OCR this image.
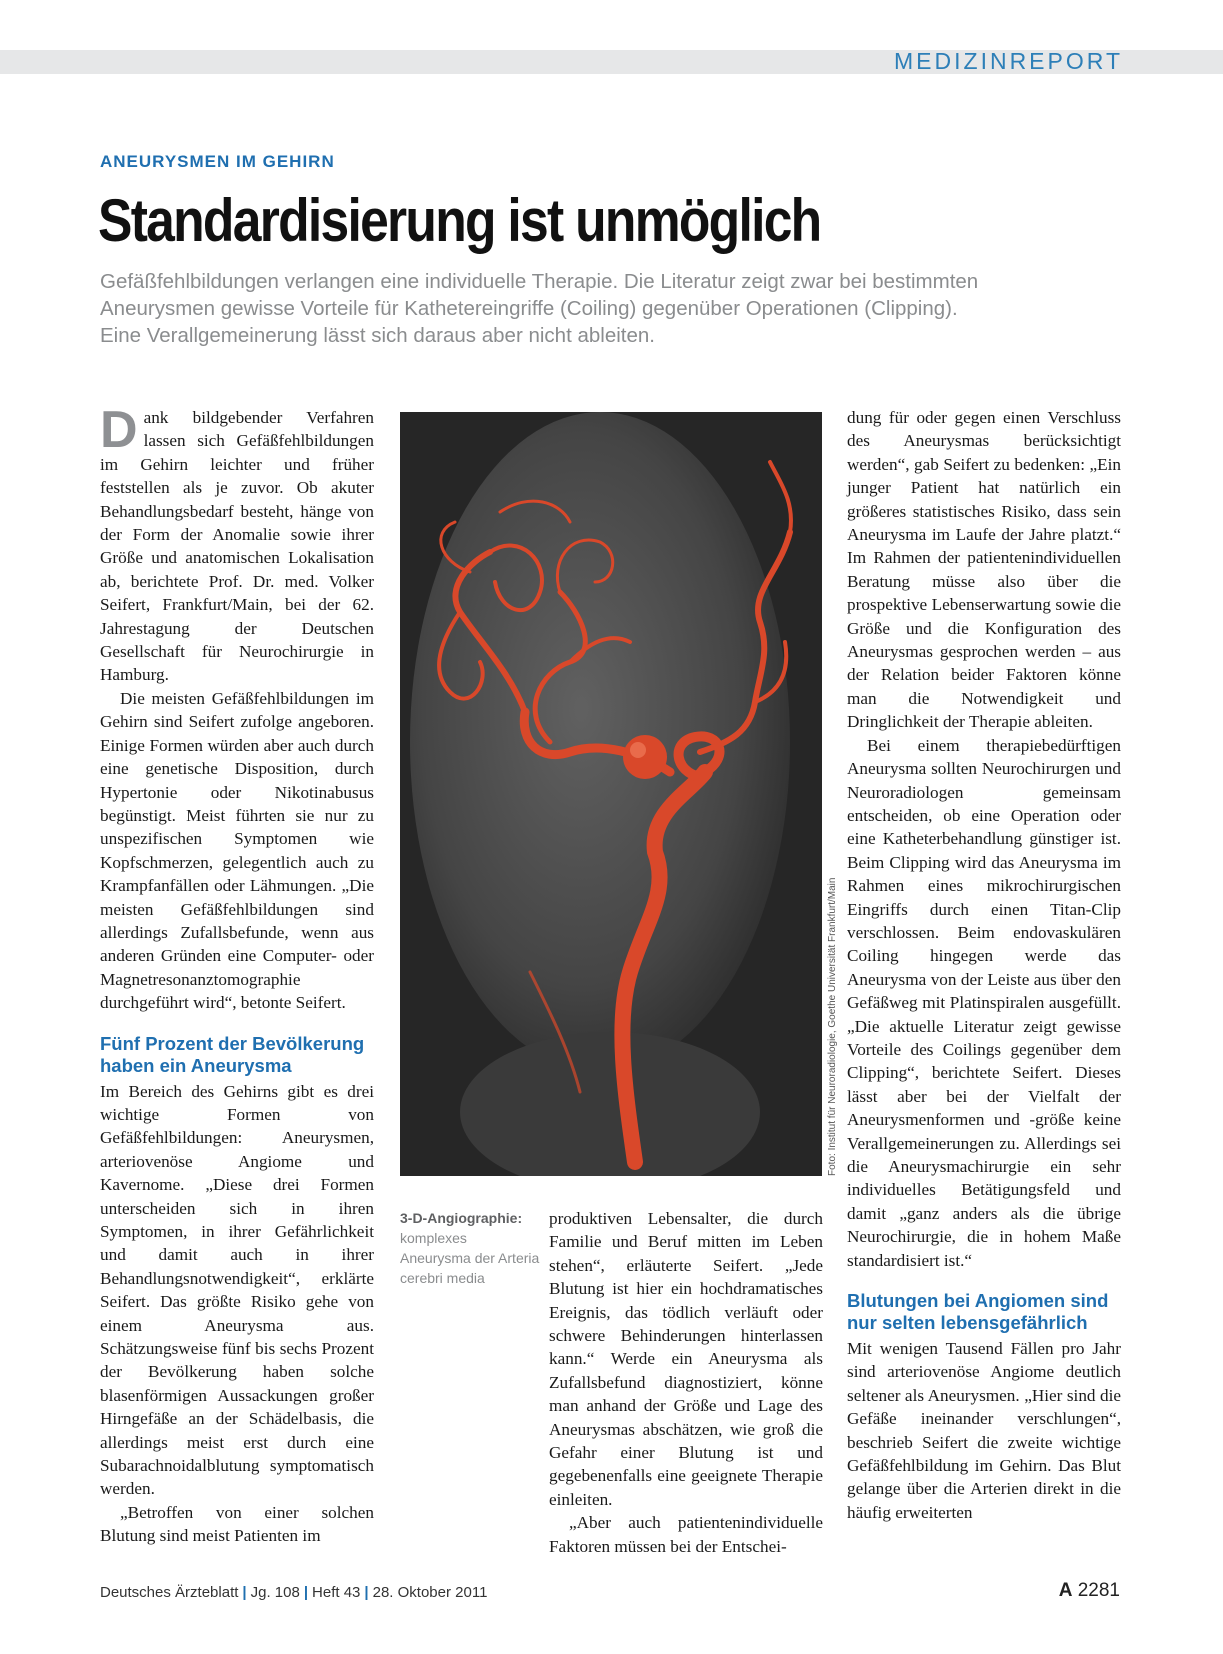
MEDIZINREPORT
ANEURYSMEN IM GEHIRN
Standardisierung ist unmöglich

Gefäßfehlbildungen verlangen eine individuelle Therapie. Die Literatur zeigt zwar bei bestimmten Aneurysmen gewisse Vorteile für Kathetereingriffe (Coiling) gegenüber Operationen (Clipping). Eine Verallgemeinerung lässt sich daraus aber nicht ableiten.

Dank bildgebender Verfahren lassen sich Gefäßfehlbildungen im Gehirn leichter und früher feststellen als je zuvor. Ob akuter Behandlungsbedarf besteht, hänge von der Form der Anomalie sowie ihrer Größe und anatomischen Lokalisation ab, berichtete Prof. Dr. med. Volker Seifert, Frankfurt/Main, bei der 62. Jahrestagung der Deutschen Gesellschaft für Neurochirurgie in Hamburg.

Die meisten Gefäßfehlbildungen im Gehirn sind Seifert zufolge angeboren. Einige Formen würden aber auch durch eine genetische Disposition, durch Hypertonie oder Nikotinabusus begünstigt. Meist führten sie nur zu unspezifischen Symptomen wie Kopfschmerzen, gelegentlich auch zu Krampfanfällen oder Lähmungen. „Die meisten Gefäßfehlbildungen sind allerdings Zufallsbefunde, wenn aus anderen Gründen eine Computer- oder Magnetresonanztomographie durchgeführt wird“, betonte Seifert.

Fünf Prozent der Bevölkerung haben ein Aneurysma

Im Bereich des Gehirns gibt es drei wichtige Formen von Gefäßfehlbildungen: Aneurysmen, arteriovenöse Angiome und Kavernome. „Diese drei Formen unterscheiden sich in ihren Symptomen, in ihrer Gefährlichkeit und damit auch in ihrer Behandlungsnotwendigkeit“, erklärte Seifert. Das größte Risiko gehe von einem Aneurysma aus. Schätzungsweise fünf bis sechs Prozent der Bevölkerung haben solche blasenförmigen Aussackungen großer Hirngefäße an der Schädelbasis, die allerdings meist erst durch eine Subarachnoidalblutung symptomatisch werden.

„Betroffen von einer solchen Blutung sind meist Patienten im

Foto: Institut für Neuroradiologie, Goethe Universität Frankfurt/Main
3-D-Angiographie:
komplexes Aneurysma der Arteria cerebri media

produktiven Lebensalter, die durch Familie und Beruf mitten im Leben stehen“, erläuterte Seifert. „Jede Blutung ist hier ein hochdramatisches Ereignis, das tödlich verläuft oder schwere Behinderungen hinterlassen kann.“ Werde ein Aneurysma als Zufallsbefund diagnostiziert, könne man anhand der Größe und Lage des Aneurysmas abschätzen, wie groß die Gefahr einer Blutung ist und gegebenenfalls eine geeignete Therapie einleiten.

„Aber auch patientenindividuelle Faktoren müssen bei der Entschei-

dung für oder gegen einen Verschluss des Aneurysmas berücksichtigt werden“, gab Seifert zu bedenken: „Ein junger Patient hat natürlich ein größeres statistisches Risiko, dass sein Aneurysma im Laufe der Jahre platzt.“ Im Rahmen der patientenindividuellen Beratung müsse also über die prospektive Lebenserwartung sowie die Größe und die Konfiguration des Aneurysmas gesprochen werden – aus der Relation beider Faktoren könne man die Notwendigkeit und Dringlichkeit der Therapie ableiten.

Bei einem therapiebedürftigen Aneurysma sollten Neurochirurgen und Neuroradiologen gemeinsam entscheiden, ob eine Operation oder eine Katheterbehandlung günstiger ist. Beim Clipping wird das Aneurysma im Rahmen eines mikrochirurgischen Eingriffs durch einen Titan-Clip verschlossen. Beim endovaskulären Coiling hingegen werde das Aneurysma von der Leiste aus über den Gefäßweg mit Platinspiralen ausgefüllt. „Die aktuelle Literatur zeigt gewisse Vorteile des Coilings gegenüber dem Clipping“, berichtete Seifert. Dieses lässt aber bei der Vielfalt der Aneurysmenformen und -größe keine Verallgemeinerungen zu. Allerdings sei die Aneurysmachirurgie ein sehr individuelles Betätigungsfeld und damit „ganz anders als die übrige Neurochirurgie, die in hohem Maße standardisiert ist.“

Blutungen bei Angiomen sind nur selten lebensgefährlich

Mit wenigen Tausend Fällen pro Jahr sind arteriovenöse Angiome deutlich seltener als Aneurysmen. „Hier sind die Gefäße ineinander verschlungen“, beschrieb Seifert die zweite wichtige Gefäßfehlbildung im Gehirn. Das Blut gelange über die Arterien direkt in die häufig erweiterten

Deutsches Ärzteblatt | Jg. 108 | Heft 43 | 28. Oktober 2011	A 2281
